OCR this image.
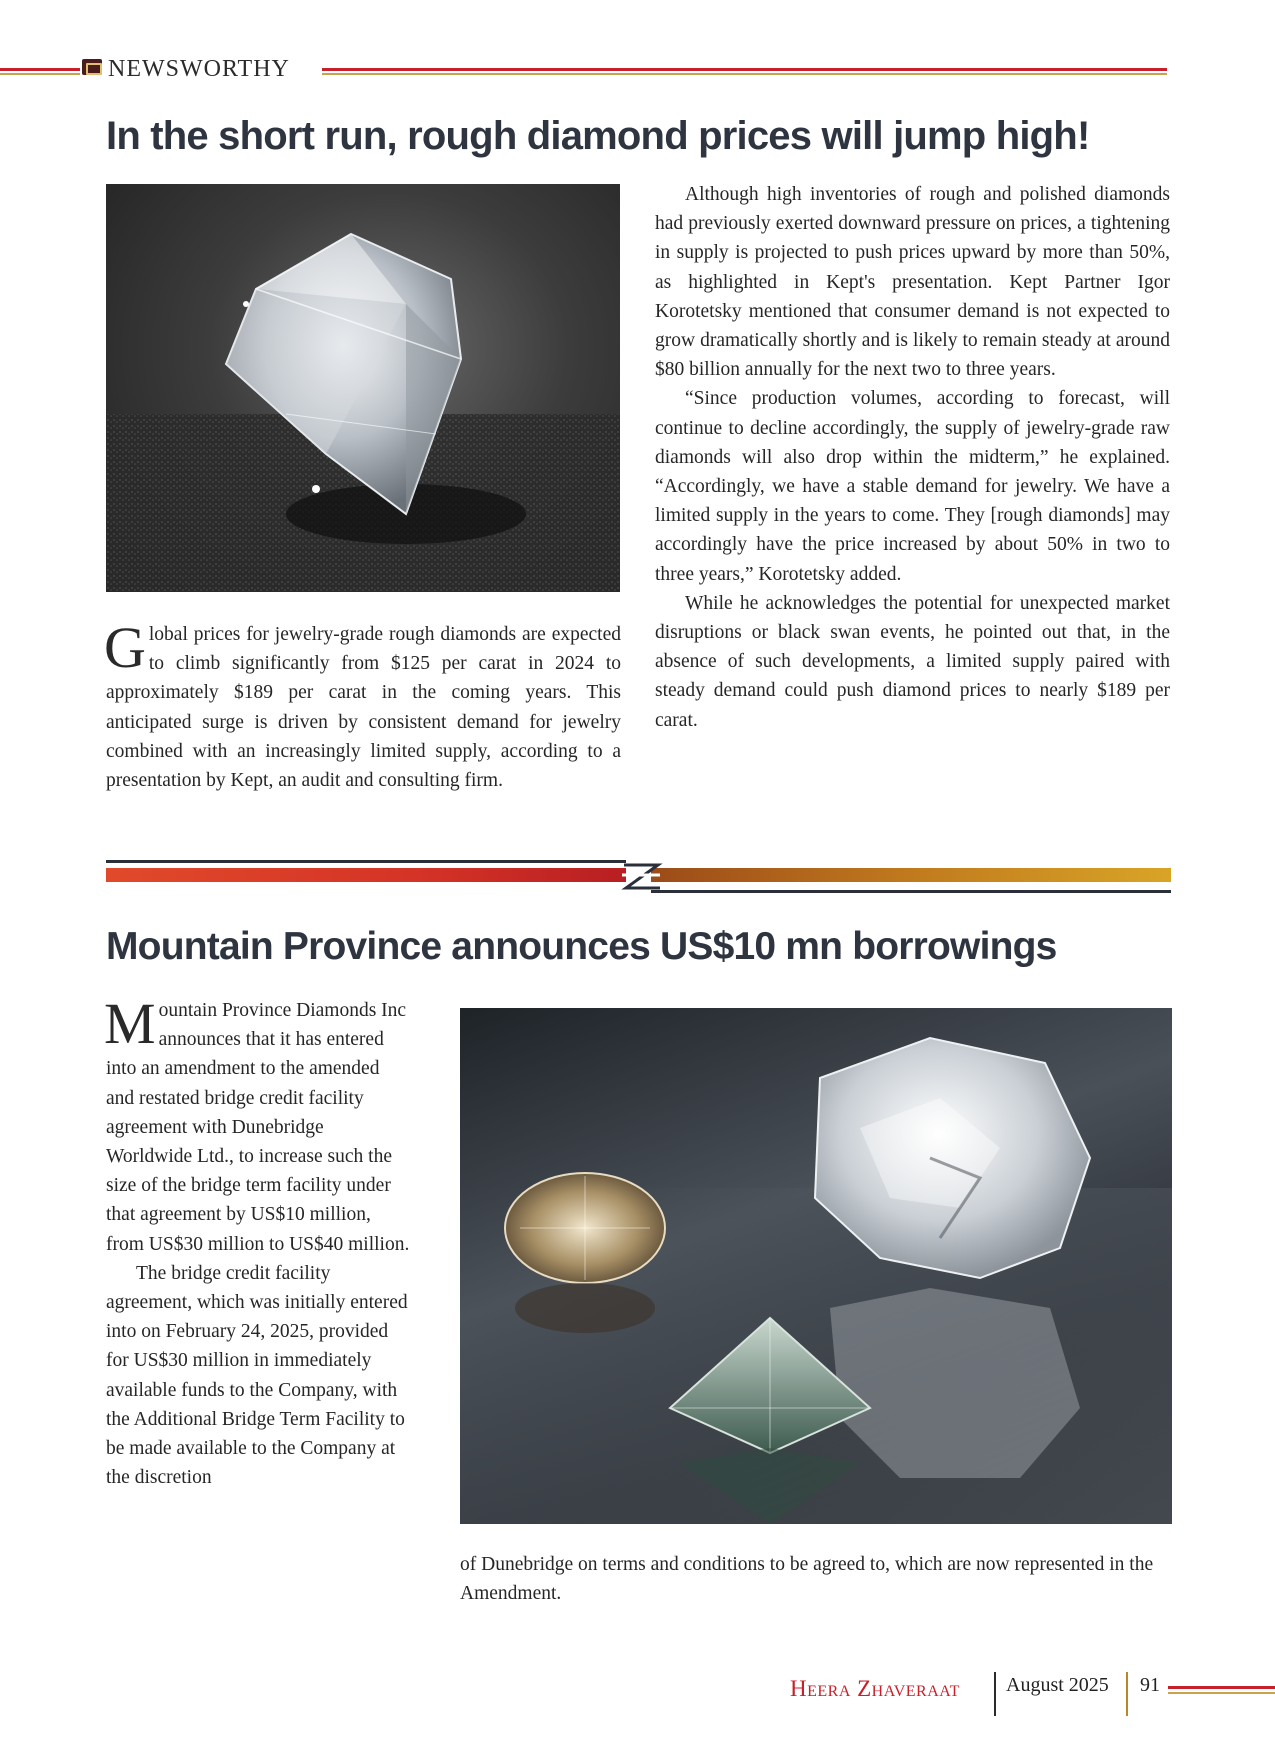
NEWSWORTHY
In the short run, rough diamond prices will jump high!

Global prices for jewelry-grade rough diamonds are expected to climb significantly from $125 per carat in 2024 to approximately $189 per carat in the coming years. This anticipated surge is driven by consistent demand for jewelry combined with an increasingly limited supply, according to a presentation by Kept, an audit and consulting firm.

Although high inventories of rough and polished diamonds had previously exerted downward pressure on prices, a tightening in supply is projected to push prices upward by more than 50%, as highlighted in Kept's presentation. Kept Partner Igor Korotetsky mentioned that consumer demand is not expected to grow dramatically shortly and is likely to remain steady at around $80 billion annually for the next two to three years.

“Since production volumes, according to forecast, will continue to decline accordingly, the supply of jewelry-grade raw diamonds will also drop within the midterm,” he explained. “Accordingly, we have a stable demand for jewelry. We have a limited supply in the years to come. They [rough diamonds] may accordingly have the price increased by about 50% in two to three years,” Korotetsky added.

While he acknowledges the potential for unexpected market disruptions or black swan events, he pointed out that, in the absence of such developments, a limited supply paired with steady demand could push diamond prices to nearly $189 per carat.

Mountain Province announces US$10 mn borrowings

Mountain Province Diamonds Inc announces that it has entered into an amendment to the amended and restated bridge credit facility agreement with Dunebridge Worldwide Ltd., to increase such the size of the bridge term facility under that agreement by US$10 million, from US$30 million to US$40 million.

The bridge credit facility agreement, which was initially entered into on February 24, 2025, provided for US$30 million in immediately available funds to the Company, with the Additional Bridge Term Facility to be made available to the Company at the discretion

of Dunebridge on terms and conditions to be agreed to, which are now represented in the Amendment.

Heera Zhaveraat August 2025 91
